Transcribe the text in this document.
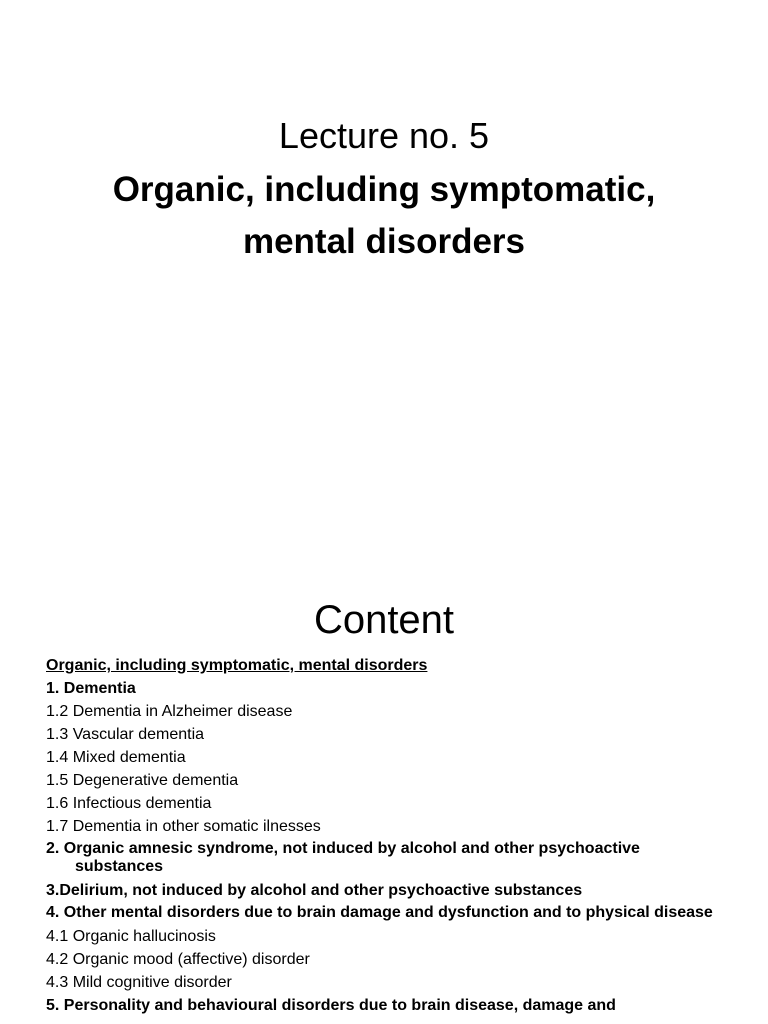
Lecture no. 5
Organic, including symptomatic, mental disorders
Content
Organic, including symptomatic, mental disorders
1. Dementia
1.2 Dementia in Alzheimer disease
1.3 Vascular dementia
1.4 Mixed dementia
1.5 Degenerative dementia
1.6 Infectious dementia
1.7 Dementia in other somatic ilnesses
2. Organic amnesic syndrome, not induced by alcohol and other psychoactive substances
3.Delirium, not induced by alcohol and other psychoactive substances
4. Other mental disorders due to brain damage and dysfunction and to physical disease
4.1 Organic hallucinosis
4.2 Organic mood (affective) disorder
4.3 Mild cognitive disorder
5. Personality and behavioural disorders due to brain disease, damage and
